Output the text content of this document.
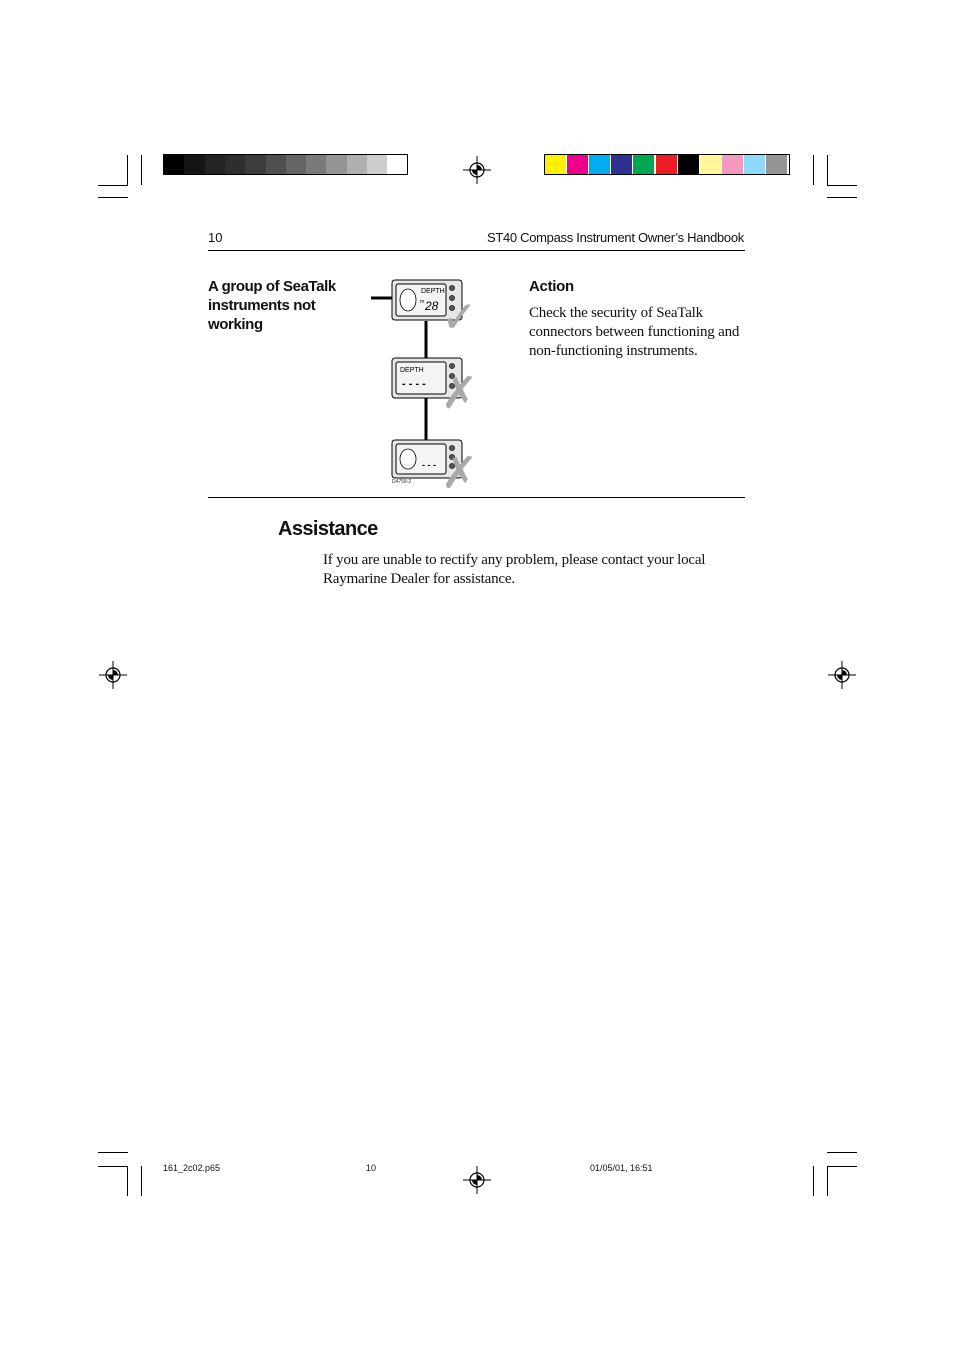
10	ST40 Compass Instrument Owner’s Handbook
A group of SeaTalk instruments not working
DEPTH
28
m ✓
DEPTH
- - - - ✗
- - - ✗
D4758-2
Action
Check the security of SeaTalk connectors between functioning and non-functioning instruments.
Assistance
If you are unable to rectify any problem, please contact your local Raymarine Dealer for assistance.
161_2c02.p65	10	01/05/01, 16:51
